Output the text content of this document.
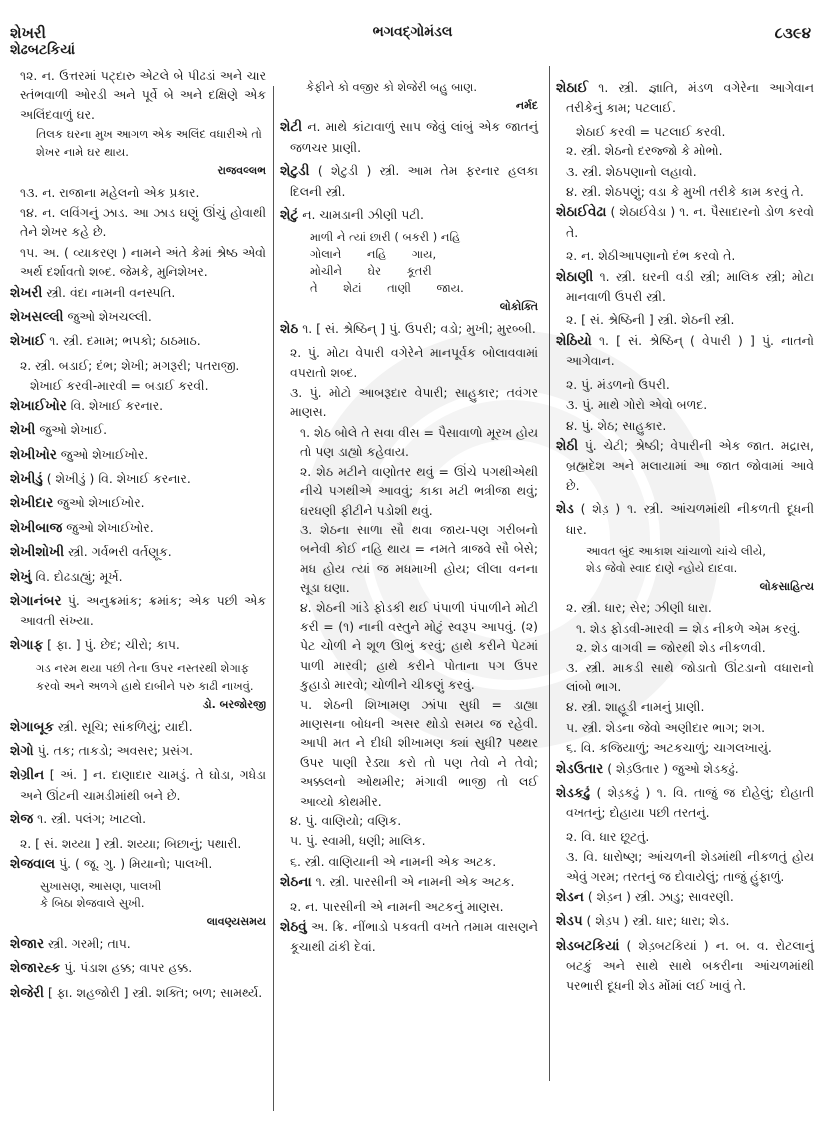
શેખરી
શેઢબટકિયાં
ભગવદ્ગોમંડલ	૮૩૯૪

૧૨. ન. ઉત્તરમાં પટ્દારુ એટલે બે પીઢડાં અને ચાર સ્તંભવાળી ઓરડી અને પૂર્વે બે અને દક્ષિણે એક અલિંદવાળું ઘર.

તિલક ઘરના મુખ આગળ એક અલિંદ વધારીએ તો શેખર નામે ઘર થાય.

રાજવલ્લભ

૧૩. ન. રાજાના મહેલનો એક પ્રકાર.

૧૪. ન. લવિંગનું ઝાડ. આ ઝાડ ઘણું ઊંચું હોવાથી તેને શેખર કહે છે.

૧૫. અ. ( વ્યાકરણ ) નામને અંતે કેમાં શ્રેષ્ઠ એવો અર્થ દર્શાવતો શબ્દ. જેમકે, મુનિશેખર.

શેખરી સ્ત્રી. વંદા નામની વનસ્પતિ.

શેખસલ્લી જુઓ શેખચલ્લી.

શેખાઈ ૧. સ્ત્રી. દમામ; ભપકો; ઠાઠમાઠ.

૨. સ્ત્રી. બડાઈ; દંભ; શેખી; મગરૂરી; પતરાજી.

શેખાઈ કરવી-મારવી = બડાઈ કરવી.

શેખાઈખોર વિ. શેખાઈ કરનાર.

શેખી જુઓ શેખાઈ.

શેખીખોર જુઓ શેખાઈખોર.

શેખીડું ( શેખીડું ) વિ. શેખાઈ કરનાર.

શેખીદાર જુઓ શેખાઈખોર.

શેખીબાજ જુઓ શેખાઈખોર.

શેખીશોખી સ્ત્રી. ગર્વભરી વર્તણૂક.

શેખું વિ. દોઢડાહ્યું; મૂર્ખ.

શેગાનંબર પું. અનુક્રમાંક; ક્રમાંક; એક પછી એક આવતી સંખ્યા.

શેગાફ [ ફા. ] પું. છેદ; ચીરો; કાપ.

ગડ નરમ થયા પછી તેના ઉપર નસ્તરથી શેગાફ કરવો અને અળગે હાથે દાબીને પરુ કાઢી નાખવું.

ડો. બરજોરજી

શેગાબૂક સ્ત્રી. સૂચિ; સાંકળિયું; યાદી.

શેગો પું. તક; તાકડો; અવસર; પ્રસંગ.

શેગ્રીન [ અં. ] ન. દાણાદાર ચામડું. તે ઘોડા, ગધેડા અને ઊંટની ચામડીમાંથી બને છે.

શેજ ૧. સ્ત્રી. પલંગ; ખાટલો.

૨. [ સં. શય્યા ] સ્ત્રી. શય્યા; બિછાનું; પથારી.

શેજવાલ પું. ( જૂ. ગુ. ) મિયાનો; પાલખી.

સુખાસણ, આસણ, પાલખી

કે બિઠા શેજવાલે સુખી.

લાવણ્યસમય

શેજાર સ્ત્રી. ગરમી; તાપ.

શેજારહ્ક પું. પંડાશ હક્ક; વાપર હક્ક.

શેજેરી [ ફા. શહજોરી ] સ્ત્રી. શક્તિ; બળ; સામર્થ્ય.

કેફીને કો વજીર કો શેજેરી બહુ બાણ.

નર્મદ

શેટી ન. માથે કાંટાવાળું સાપ જેવું લાંબું એક જાતનું જળચર પ્રાણી.

શેટુડી ( શેટુડી ) સ્ત્રી. આમ તેમ ફરનાર હલકા દિલની સ્ત્રી.

શેટું ન. ચામડાની ઝીણી પટી.

માળી ને ત્યાં છારી ( બકરી ) નહિ

ગોલાને       નહિ       ગાય,

મોચીને       ઘેર       કૂતરી

તે       શેટાં       તાણી       જાય.

લોકોક્તિ

શેઠ ૧. [ સં. શ્રેષ્ઠિન્ ] પું. ઉપરી; વડો; મુખી; મુરબ્બી.

૨. પું. મોટા વેપારી વગેરેને માનપૂર્વક બોલાવવામાં વપરાતો શબ્દ.

૩. પું. મોટો આબરૂદાર વેપારી; સાહુકાર; તવંગર માણસ.

૧. શેઠ બોલે તે સવા વીસ = પૈસાવાળો મૂરખ હોય તો પણ ડાહ્યો કહેવાય.

૨. શેઠ મટીને વાણોતર થવું = ઊંચે પગથીએથી નીચે પગથીએ આવવું; કાકા મટી ભત્રીજા થવું; ઘરધણી ફીટીને પડોશી થવું.

૩. શેઠના સાળા સૌ થવા જાય-પણ ગરીબનો બનેવી કોઈ નહિ થાય = નમતે ત્રાજવે સૌ બેસે; મધ હોય ત્યાં જ મધમાખી હોય; લીલા વનના સૂડા ઘણા.

૪. શેઠની ગાંડે ફોડકી થઈ પંપાળી પંપાળીને મોટી કરી = (૧) નાની વસ્તુને મોટું સ્વરૂપ આપવું. (૨) પેટ ચોળી ને શૂળ ઊભું કરવું; હાથે કરીને પેટમાં પાળી મારવી; હાથે કરીને પોતાના પગ ઉપર કુહાડો મારવો; ચોળીને ચીકણું કરવું.

૫. શેઠની શિખામણ ઝાંપા સુધી = ડાહ્યા માણસના બોધની અસર થોડો સમય જ રહેવી. આપી મત ને દીધી શીખામણ ક્યાં સુધી? પથ્થર ઉપર પાણી રેડ્યા કરો તો પણ તેવો ને તેવો; અક્કલનો ઓથમીર; મંગાવી ભાજી તો લઈ આવ્યો કોથમીર.

૪. પું. વાણિયો; વણિક.

૫. પું. સ્વામી, ધણી; માલિક.

૬. સ્ત્રી. વાણિયાની એ નામની એક અટક.

શેઠના ૧. સ્ત્રી. પારસીની એ નામની એક અટક.

૨. ન. પારસીની એ નામની અટકનું માણસ.

શેઠવું અ. ક્રિ. નીંભાડો પકવતી વખતે તમામ વાસણને કૂચાથી ઢાંકી દેવાં.

શેઠાઈ ૧. સ્ત્રી. જ્ઞાતિ, મંડળ વગેરેના આગેવાન તરીકેનું કામ; પટલાઈ.

શેઠાઈ કરવી = પટલાઈ કરવી.

૨. સ્ત્રી. શેઠનો દરજ્જો કે મોભો.

૩. સ્ત્રી. શેઠપણાનો લહાવો.

૪. સ્ત્રી. શેઠપણું; વડા કે મુખી તરીકે કામ કરવું તે.

શેઠાઈવેઢા ( શેઠાઈવેડા ) ૧. ન. પૈસાદારનો ડોળ કરવો તે.

૨. ન. શેઠીઆપણાનો દંભ કરવો તે.

શેઠાણી ૧. સ્ત્રી. ઘરની વડી સ્ત્રી; માલિક સ્ત્રી; મોટા માનવાળી ઉપરી સ્ત્રી.

૨. [ સં. શ્રેષ્ઠિની ] સ્ત્રી. શેઠની સ્ત્રી.

શેઠિયો ૧. [ સં. શ્રેષ્ઠિન્ ( વેપારી ) ] પું. નાતનો આગેવાન.

૨. પું. મંડળનો ઉપરી.

૩. પું. માથે ગોરો એવો બળદ.

૪. પું. શેઠ; સાહુકાર.

શેઠી પું. ચેટી; શ્રેષ્ઠી; વેપારીની એક જાત. મદ્રાસ, બ્રહ્મદેશ અને મલાયામાં આ જાત જોવામાં આવે છે.

શેડ ( શેડ઼ ) ૧. સ્ત્રી. આંચળમાંથી નીકળતી દૂધની ધાર.

આવત બુંદ આકાશ ચાંચાળો ચાંચે લીયે,

શેડ જેવો સ્વાદ દાણે ન્હોયે દાદવા.

લોકસાહિત્ય

૨. સ્ત્રી. ધાર; સેર; ઝીણી ધારા.

૧. શેડ ફોડવી-મારવી = શેડ નીકળે એમ કરવું.

૨. શેડ વાગવી = જોરથી શેડ નીકળવી.

૩. સ્ત્રી. માકડી સાથે જોડાતો ઊંટડાનો વધારાનો લાંબો ભાગ.

૪. સ્ત્રી. શાહૂડી નામનું પ્રાણી.

૫. સ્ત્રી. શેડના જેવો અણીદાર ભાગ; શગ.

૬. વિ. કજિયાળું; અટકચાળું; ચાગલખાયું.

શેડઉતાર ( શેડ઼ઉતાર ) જુઓ શેડકઢું.

શેડકઢું ( શેડ઼કઢું ) ૧. વિ. તાજું જ દોહેલું; દોહાતી વખતનું; દોહાયા પછી તરતનું.

૨. વિ. ધાર છૂટતું.

૩. વિ. ધારોષ્ણ; આંચળની શેડમાંથી નીકળતું હોય એવું ગરમ; તરતનું જ દોવાયેલું; તાજું હુંફાળું.

શેડન ( શેડ઼ન ) સ્ત્રી. ઝાડુ; સાવરણી.

શેડપ ( શેડ઼પ ) સ્ત્રી. ધાર; ધારા; શેડ.

શેડબટકિયાં ( શેડ઼બટકિયાં ) ન. બ. વ. રોટલાનું બટકું અને સાથે સાથે બકરીના આંચળમાંથી પરભારી દૂધની શેડ મોંમાં લઈ ખાવું તે.
